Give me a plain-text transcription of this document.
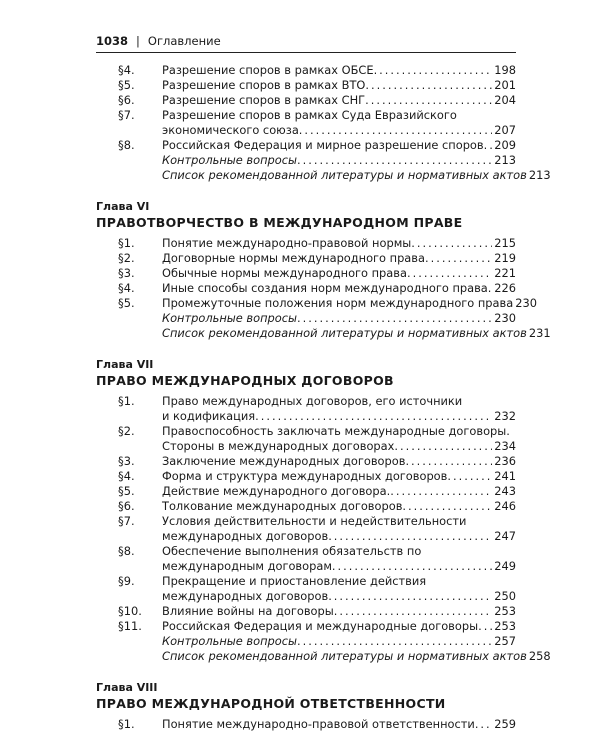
1038 | Оглавление
§4.	Разрешение споров в рамках ОБСЕ .....	198
§5.	Разрешение споров в рамках ВТО .....	201
§6.	Разрешение споров в рамках СНГ .....	204
§7.	Разрешение споров в рамках Суда Евразийского
экономического союза .....	207
§8.	Российская Федерация и мирное разрешение споров ..... 209
Контрольные вопросы .....	213
Список рекомендованной литературы и нормативных актов 213
Глава VI
ПРАВОТВОРЧЕСТВО В МЕЖДУНАРОДНОМ ПРАВЕ
§1.	Понятие международно-правовой нормы .....	215
§2.	Договорные нормы международного права .....	219
§3.	Обычные нормы международного права .....	221
§4.	Иные способы создания норм международного права ..... 226
§5.	Промежуточные положения норм международного права 230
Контрольные вопросы .....	230
Список рекомендованной литературы и нормативных актов 231
Глава VII
ПРАВО МЕЖДУНАРОДНЫХ ДОГОВОРОВ
§1.	Право международных договоров, его источники
и кодификация .....	232
§2.	Правоспособность заключать международные договоры.
Стороны в международных договорах .....	234
§3.	Заключение международных договоров .....	236
§4.	Форма и структура международных договоров .....	241
§5.	Действие международного договора. .....	243
§6.	Толкование международных договоров .....	246
§7.	Условия действительности и недействительности
международных договоров .....	247
§8.	Обеспечение выполнения обязательств по
международным договорам .....	249
§9.	Прекращение и приостановление действия
международных договоров .....	250
§10.	Влияние войны на договоры .....	253
§11.	Российская Федерация и международные договоры ..... 253
Контрольные вопросы .....	257
Список рекомендованной литературы и нормативных актов 258
Глава VIII
ПРАВО МЕЖДУНАРОДНОЙ ОТВЕТСТВЕННОСТИ
§1.	Понятие международно-правовой ответственности ..... 259
